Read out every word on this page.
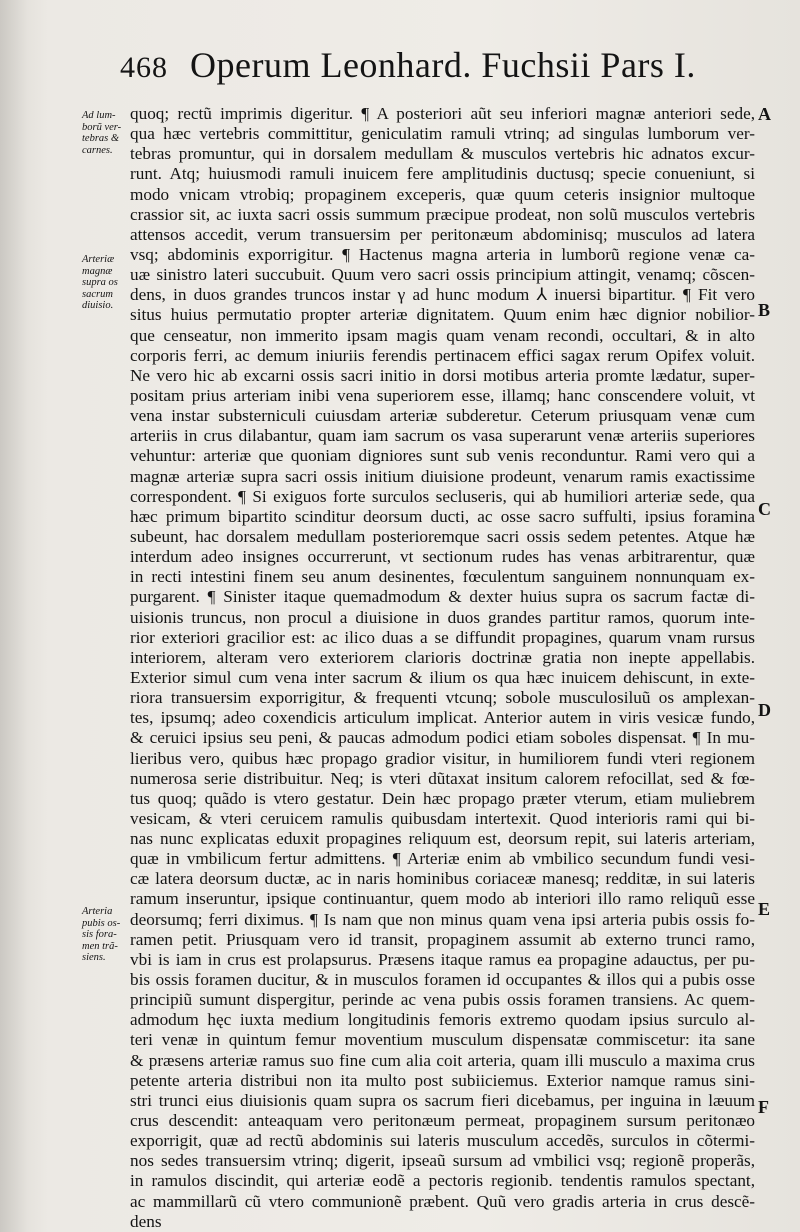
468 Operum Leonhard. Fuchsii Pars I.
Ad lum-
borũ ver-
tebras &
carnes.
Arteriæ
magnæ
supra os
sacrum
diuisio.
Arteria
pubis os-
sis fora-
men trã-
siens.
A
B
C
D
E
F
quoq; rectũ imprimis digeritur. ¶ A posteriori aũt seu inferiori magnæ anteriori sede,
qua hæc vertebris committitur, geniculatim ramuli vtrinq; ad singulas lumborum ver-
tebras promuntur, qui in dorsalem medullam & musculos vertebris hic adnatos excur-
runt. Atq; huiusmodi ramuli inuicem fere amplitudinis ductusq; specie conueniunt, si
modo vnicam vtrobiq; propaginem exceperis, quæ quum ceteris insignior multoque
crassior sit, ac iuxta sacri ossis summum præcipue prodeat, non solũ musculos vertebris
attensos accedit, verum transuersim per peritonæum abdominisq; musculos ad latera
vsq; abdominis exporrigitur. ¶ Hactenus magna arteria in lumborũ regione venæ ca-
uæ sinistro lateri succubuit. Quum vero sacri ossis principium attingit, venamq; cõscen-
dens, in duos grandes truncos instar γ ad hunc modum ⅄ inuersi bipartitur. ¶ Fit vero
situs huius permutatio propter arteriæ dignitatem. Quum enim hæc dignior nobilior-
que censeatur, non immerito ipsam magis quam venam recondi, occultari, & in alto
corporis ferri, ac demum iniuriis ferendis pertinacem effici sagax rerum Opifex voluit.
Ne vero hic ab excarni ossis sacri initio in dorsi motibus arteria promte lædatur, super-
positam prius arteriam inibi vena superiorem esse, illamq; hanc conscendere voluit, vt
vena instar substerniculi cuiusdam arteriæ subderetur. Ceterum priusquam venæ cum
arteriis in crus dilabantur, quam iam sacrum os vasa superarunt venæ arteriis superiores
vehuntur: arteriæ que quoniam digniores sunt sub venis reconduntur. Rami vero qui a
magnæ arteriæ supra sacri ossis initium diuisione prodeunt, venarum ramis exactissime
correspondent. ¶ Si exiguos forte surculos secluseris, qui ab humiliori arteriæ sede, qua
hæc primum bipartito scinditur deorsum ducti, ac osse sacro suffulti, ipsius foramina
subeunt, hac dorsalem medullam posterioremque sacri ossis sedem petentes. Atque hæ
interdum adeo insignes occurrerunt, vt sectionum rudes has venas arbitrarentur, quæ
in recti intestini finem seu anum desinentes, fœculentum sanguinem nonnunquam ex-
purgarent. ¶ Sinister itaque quemadmodum & dexter huius supra os sacrum factæ di-
uisionis truncus, non procul a diuisione in duos grandes partitur ramos, quorum inte-
rior exteriori gracilior est: ac ilico duas a se diffundit propagines, quarum vnam rursus
interiorem, alteram vero exteriorem clarioris doctrinæ gratia non inepte appellabis.
Exterior simul cum vena inter sacrum & ilium os qua hæc inuicem dehiscunt, in exte-
riora transuersim exporrigitur, & frequenti vtcunq; sobole musculosiluũ os amplexan-
tes, ipsumq; adeo coxendicis articulum implicat. Anterior autem in viris vesicæ fundo,
& ceruici ipsius seu peni, & paucas admodum podici etiam soboles dispensat. ¶ In mu-
lieribus vero, quibus hæc propago gradior visitur, in humiliorem fundi vteri regionem
numerosa serie distribuitur. Neq; is vteri dũtaxat insitum calorem refocillat, sed & fœ-
tus quoq; quãdo is vtero gestatur. Dein hæc propago præter vterum, etiam muliebrem
vesicam, & vteri ceruicem ramulis quibusdam intertexit. Quod interioris rami qui bi-
nas nunc explicatas eduxit propagines reliquum est, deorsum repit, sui lateris arteriam,
quæ in vmbilicum fertur admittens. ¶ Arteriæ enim ab vmbilico secundum fundi vesi-
cæ latera deorsum ductæ, ac in naris hominibus coriaceæ manesq; redditæ, in sui lateris
ramum inseruntur, ipsique continuantur, quem modo ab interiori illo ramo reliquũ esse
deorsumq; ferri diximus. ¶ Is nam que non minus quam vena ipsi arteria pubis ossis fo-
ramen petit. Priusquam vero id transit, propaginem assumit ab externo trunci ramo,
vbi is iam in crus est prolapsurus. Præsens itaque ramus ea propagine adauctus, per pu-
bis ossis foramen ducitur, & in musculos foramen id occupantes & illos qui a pubis osse
principiũ sumunt dispergitur, perinde ac vena pubis ossis foramen transiens. Ac quem-
admodum hęc iuxta medium longitudinis femoris extremo quodam ipsius surculo al-
teri venæ in quintum femur moventium musculum dispensatæ commiscetur: ita sane
& præsens arteriæ ramus suo fine cum alia coit arteria, quam illi musculo a maxima crus
petente arteria distribui non ita multo post subiiciemus. Exterior namque ramus sini-
stri trunci eius diuisionis quam supra os sacrum fieri dicebamus, per inguina in læuum
crus descendit: anteaquam vero peritonæum permeat, propaginem sursum peritonæo
exporrigit, quæ ad rectũ abdominis sui lateris musculum accedẽs, surculos in cõtermi-
nos sedes transuersim vtrinq; digerit, ipseaũ sursum ad vmbilici vsq; regionẽ properãs,
in ramulos discindit, qui arteriæ eodẽ a pectoris regionib. tendentis ramulos spectant,
ac mammillarũ cũ vtero communionẽ præbent. Quũ vero gradis arteria in crus descẽ-
dens
